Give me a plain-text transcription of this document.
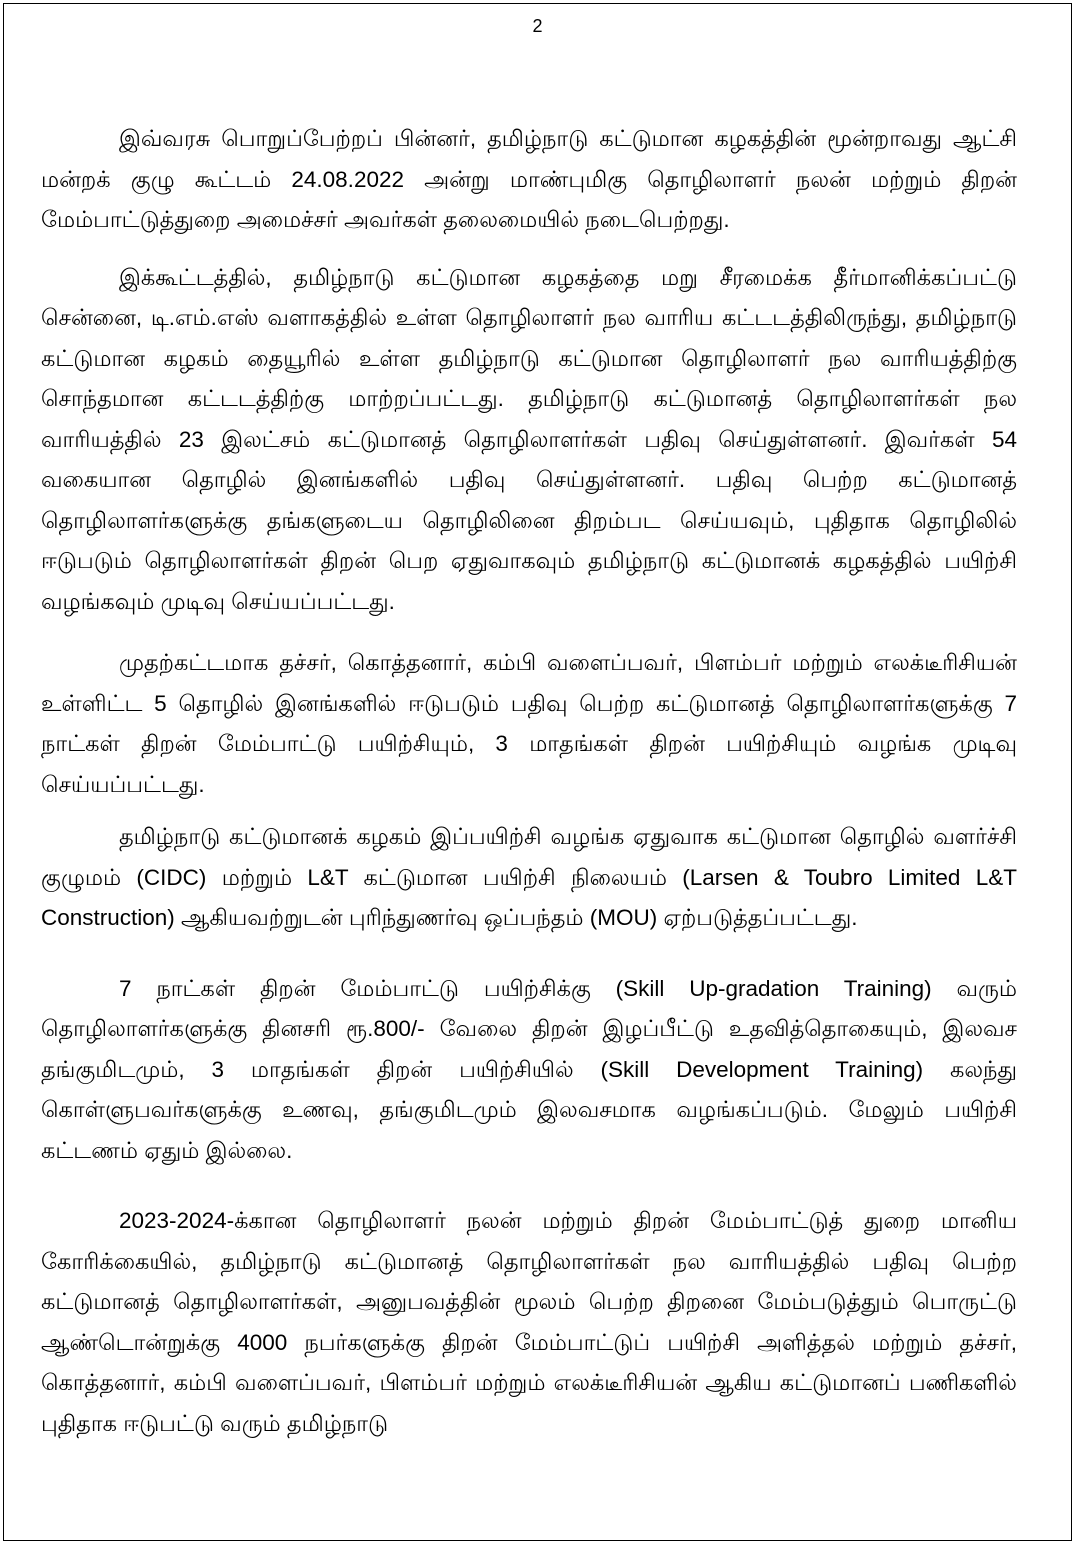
2

இவ்வரசு பொறுப்பேற்றப் பின்னர், தமிழ்நாடு கட்டுமான கழகத்தின் மூன்றாவது ஆட்சி மன்றக் குழு கூட்டம் 24.08.2022 அன்று மாண்புமிகு தொழிலாளர் நலன் மற்றும் திறன் மேம்பாட்டுத்துறை அமைச்சர் அவர்கள் தலைமையில் நடைபெற்றது.

இக்கூட்டத்தில், தமிழ்நாடு கட்டுமான கழகத்தை மறு சீரமைக்க தீர்மானிக்கப்பட்டு சென்னை, டி.எம்.எஸ் வளாகத்தில் உள்ள தொழிலாளர் நல வாரிய கட்டடத்திலிருந்து, தமிழ்நாடு கட்டுமான கழகம் தையூரில் உள்ள தமிழ்நாடு கட்டுமான தொழிலாளர் நல வாரியத்திற்கு சொந்தமான கட்டடத்திற்கு மாற்றப்பட்டது. தமிழ்நாடு கட்டுமானத் தொழிலாளர்கள் நல வாரியத்தில் 23 இலட்சம் கட்டுமானத் தொழிலாளர்கள் பதிவு செய்துள்ளனர். இவர்கள் 54 வகையான தொழில் இனங்களில் பதிவு செய்துள்ளனர். பதிவு பெற்ற கட்டுமானத் தொழிலாளர்களுக்கு தங்களுடைய தொழிலினை திறம்பட செய்யவும், புதிதாக தொழிலில் ஈடுபடும் தொழிலாளர்கள் திறன் பெற ஏதுவாகவும் தமிழ்நாடு கட்டுமானக் கழகத்தில் பயிற்சி வழங்கவும் முடிவு செய்யப்பட்டது.

முதற்கட்டமாக தச்சர், கொத்தனார், கம்பி வளைப்பவர், பிளம்பர் மற்றும் எலக்டீரிசியன் உள்ளிட்ட 5 தொழில் இனங்களில் ஈடுபடும் பதிவு பெற்ற கட்டுமானத் தொழிலாளர்களுக்கு 7 நாட்கள் திறன் மேம்பாட்டு பயிற்சியும், 3 மாதங்கள் திறன் பயிற்சியும் வழங்க முடிவு செய்யப்பட்டது.

தமிழ்நாடு கட்டுமானக் கழகம் இப்பயிற்சி வழங்க ஏதுவாக கட்டுமான தொழில் வளர்ச்சி குழுமம் (CIDC) மற்றும் L&T கட்டுமான பயிற்சி நிலையம் (Larsen & Toubro Limited L&T Construction) ஆகியவற்றுடன் புரிந்துணர்வு ஒப்பந்தம் (MOU) ஏற்படுத்தப்பட்டது.

7 நாட்கள் திறன் மேம்பாட்டு பயிற்சிக்கு (Skill Up-gradation Training) வரும் தொழிலாளர்களுக்கு தினசரி ரூ.800/- வேலை திறன் இழப்பீட்டு உதவித்தொகையும், இலவச தங்குமிடமும், 3 மாதங்கள் திறன் பயிற்சியில் (Skill Development Training) கலந்து கொள்ளுபவர்களுக்கு உணவு, தங்குமிடமும் இலவசமாக வழங்கப்படும். மேலும் பயிற்சி கட்டணம் ஏதும் இல்லை.

2023-2024-க்கான தொழிலாளர் நலன் மற்றும் திறன் மேம்பாட்டுத் துறை மானிய கோரிக்கையில், தமிழ்நாடு கட்டுமானத் தொழிலாளர்கள் நல வாரியத்தில் பதிவு பெற்ற கட்டுமானத் தொழிலாளர்கள், அனுபவத்தின் மூலம் பெற்ற திறனை மேம்படுத்தும் பொருட்டு ஆண்டொன்றுக்கு 4000 நபர்களுக்கு திறன் மேம்பாட்டுப் பயிற்சி அளித்தல் மற்றும் தச்சர், கொத்தனார், கம்பி வளைப்பவர், பிளம்பர் மற்றும் எலக்டீரிசியன் ஆகிய கட்டுமானப் பணிகளில் புதிதாக ஈடுபட்டு வரும் தமிழ்நாடு
